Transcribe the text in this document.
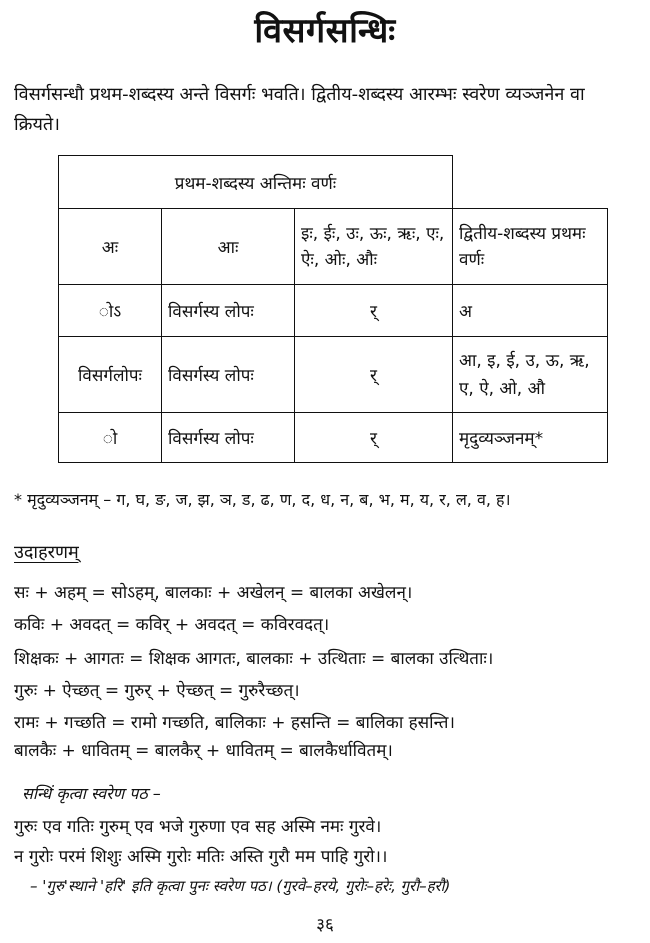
विसर्गसन्धिः
विसर्गसन्धौ प्रथम-शब्दस्य अन्ते विसर्गः भवति। द्वितीय-शब्दस्य आरम्भः स्वरेण व्यञ्जनेन वा क्रियते।
प्रथम-शब्दस्य अन्तिमः वर्णः			
अः	आः	इः, ईः, उः, ऊः, ऋः, एः, ऐः, ओः, औः	द्वितीय-शब्दस्य प्रथमः वर्णः
ोऽ	विसर्गस्य लोपः	र्	अ
विसर्गलोपः	विसर्गस्य लोपः	र्	आ, इ, ई, उ, ऊ, ऋ, ए, ऐ, ओ, औ
ो	विसर्गस्य लोपः	र्	मृदुव्यञ्जनम्*
* मृदुव्यञ्जनम् – ग, घ, ङ, ज, झ, ञ, ड, ढ, ण, द, ध, न, ब, भ, म, य, र, ल, व, ह।
उदाहरणम्
सः + अहम् = सोऽहम्, बालकाः + अखेलन् = बालका अखेलन्।
कविः + अवदत् = कविर् + अवदत् = कविरवदत्।
शिक्षकः + आगतः = शिक्षक आगतः, बालकाः + उत्थिताः = बालका उत्थिताः।
गुरुः + ऐच्छत् = गुरुर् + ऐच्छत् = गुरुरैच्छत्।
रामः + गच्छति = रामो गच्छति, बालिकाः + हसन्ति = बालिका हसन्ति।
बालकैः + धावितम् = बालकैर् + धावितम् = बालकैर्धावितम्।
सन्धिं कृत्वा स्वरेण पठ –
गुरुः एव गतिः गुरुम् एव भजे गुरुणा एव सह अस्मि नमः गुरवे।
न गुरोः परमं शिशुः अस्मि गुरोः मतिः अस्ति गुरौ मम पाहि गुरो।।
– 'गुरु'स्थाने 'हरि' इति कृत्वा पुनः स्वरेण पठ। (गुरवे–हरये, गुरोः–हरेः, गुरौ–हरौ)
३६
